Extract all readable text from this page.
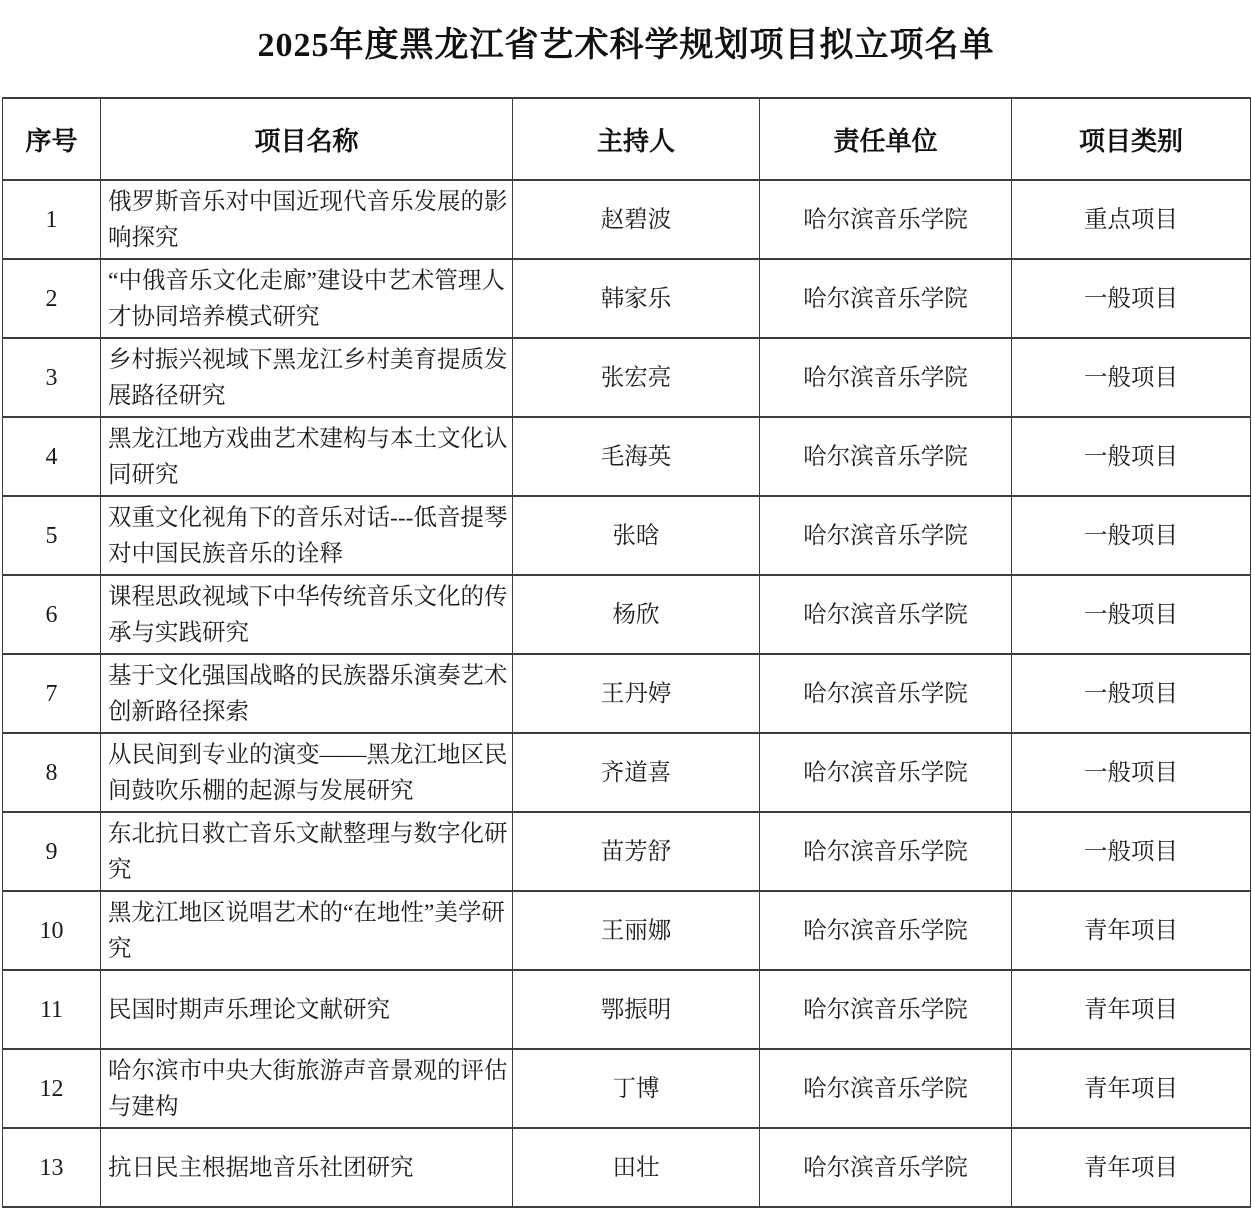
2025年度黑龙江省艺术科学规划项目拟立项名单
序号	项目名称	主持人	责任单位	项目类别
1	俄罗斯音乐对中国近现代音乐发展的影响探究	赵碧波	哈尔滨音乐学院	重点项目
2	“中俄音乐文化走廊”建设中艺术管理人才协同培养模式研究	韩家乐	哈尔滨音乐学院	一般项目
3	乡村振兴视域下黑龙江乡村美育提质发展路径研究	张宏亮	哈尔滨音乐学院	一般项目
4	黑龙江地方戏曲艺术建构与本土文化认同研究	毛海英	哈尔滨音乐学院	一般项目
5	双重文化视角下的音乐对话---低音提琴对中国民族音乐的诠释	张晗	哈尔滨音乐学院	一般项目
6	课程思政视域下中华传统音乐文化的传承与实践研究	杨欣	哈尔滨音乐学院	一般项目
7	基于文化强国战略的民族器乐演奏艺术创新路径探索	王丹婷	哈尔滨音乐学院	一般项目
8	从民间到专业的演变——黑龙江地区民间鼓吹乐棚的起源与发展研究	齐道喜	哈尔滨音乐学院	一般项目
9	东北抗日救亡音乐文献整理与数字化研究	苗芳舒	哈尔滨音乐学院	一般项目
10	黑龙江地区说唱艺术的“在地性”美学研究	王丽娜	哈尔滨音乐学院	青年项目
11	民国时期声乐理论文献研究	鄂振明	哈尔滨音乐学院	青年项目
12	哈尔滨市中央大街旅游声音景观的评估与建构	丁博	哈尔滨音乐学院	青年项目
13	抗日民主根据地音乐社团研究	田壮	哈尔滨音乐学院	青年项目
